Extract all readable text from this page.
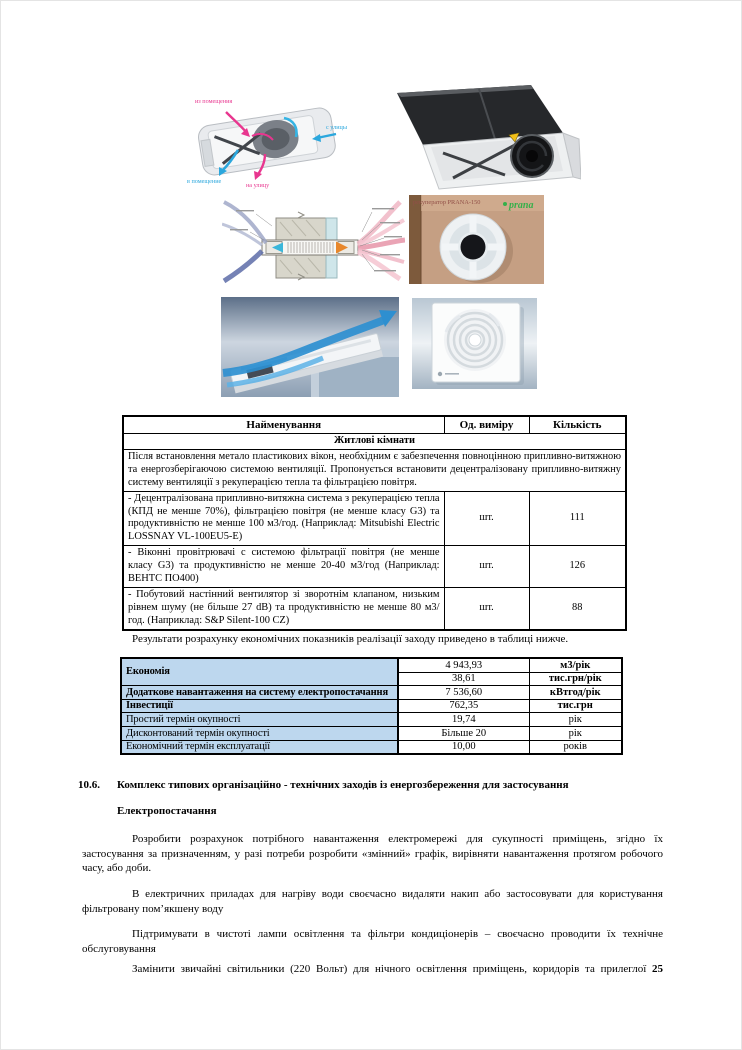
из помещения
в помещение
на улицу
с улицы
рекуператор PRANA-150	prana
Найменування	Од. виміру	Кількість
Житлові кімнати		
Після встановлення метало пластикових вікон, необхідним є забезпечення повноцінною припливно-витяжною та енергозберігаючою системою вентиляції. Пропонується встановити децентралізовану припливно-витяжну систему вентиляції з рекуперацією тепла та фільтрацією повітря.		
- Децентралізована припливно-витяжна система з рекуперацією тепла (КПД не менше 70%), фільтрацією повітря (не менше класу G3) та продуктивністю не менше 100 м3/год. (Наприклад: Mitsubishi Electric LOSSNAY VL-100EU5-E)	шт.	111
- Віконні провітрювачі с системою фільтрації повітря (не менше класу G3) та продуктивністю не менше 20-40 м3/год (Наприклад: ВЕНТС ПО400)	шт.	126
- Побутовий настінний вентилятор зі зворотнім клапаном, низьким рівнем шуму (не більше 27 dB) та продуктивністю не менше 80 м3/год. (Наприклад: S&P Silent-100 CZ)	шт.	88

Результати розрахунку економічних показників реалізації заходу приведено в таблиці нижче.

Економія	4 943,93	м3/рік
	38,61	тис.грн/рік
Додаткове навантаження на систему електропостачання	7 536,60	кВтгод/рік
Інвестиції	762,35	тис.грн
Простий термін окупності	19,74	рік
Дисконтований термін окупності	Більше 20	рік
Економічний термін експлуатації	10,00	років
10.6. Комплекс типових організаційно - технічних заходів із енергозбереження для застосування

Електропостачання

Розробити розрахунок потрібного навантаження електромережі для сукупності приміщень, згідно їх застосування за призначенням, у разі потреби розробити «змінний» графік, вирівняти навантаження протягом робочого часу, або доби.

В електричних приладах для нагріву води своєчасно видаляти накип або застосовувати для користування фільтровану пом’якшену воду

Підтримувати в чистоті лампи освітлення та фільтри кондиціонерів – своєчасно проводити їх технічне обслуговування

Замінити звичайні світильники (220 Вольт) для нічного освітлення приміщень, коридорів та прилеглої 25
